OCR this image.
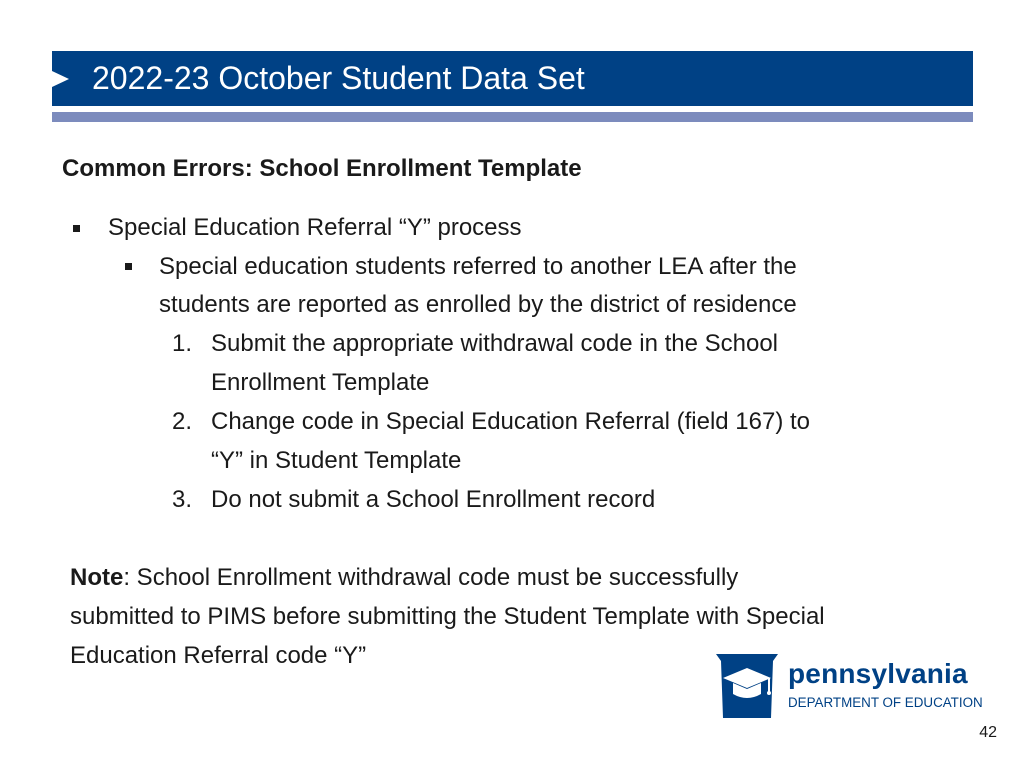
2022-23 October Student Data Set
Common Errors: School Enrollment Template
Special Education Referral “Y” process
Special education students referred to another LEA after the
students are reported as enrolled by the district of residence
1. Submit the appropriate withdrawal code in the School
Enrollment Template
2. Change code in Special Education Referral (field 167) to
“Y” in Student Template
3. Do not submit a School Enrollment record
Note: School Enrollment withdrawal code must be successfully
submitted to PIMS before submitting the Student Template with Special
Education Referral code “Y”
pennsylvania
DEPARTMENT OF EDUCATION
42
